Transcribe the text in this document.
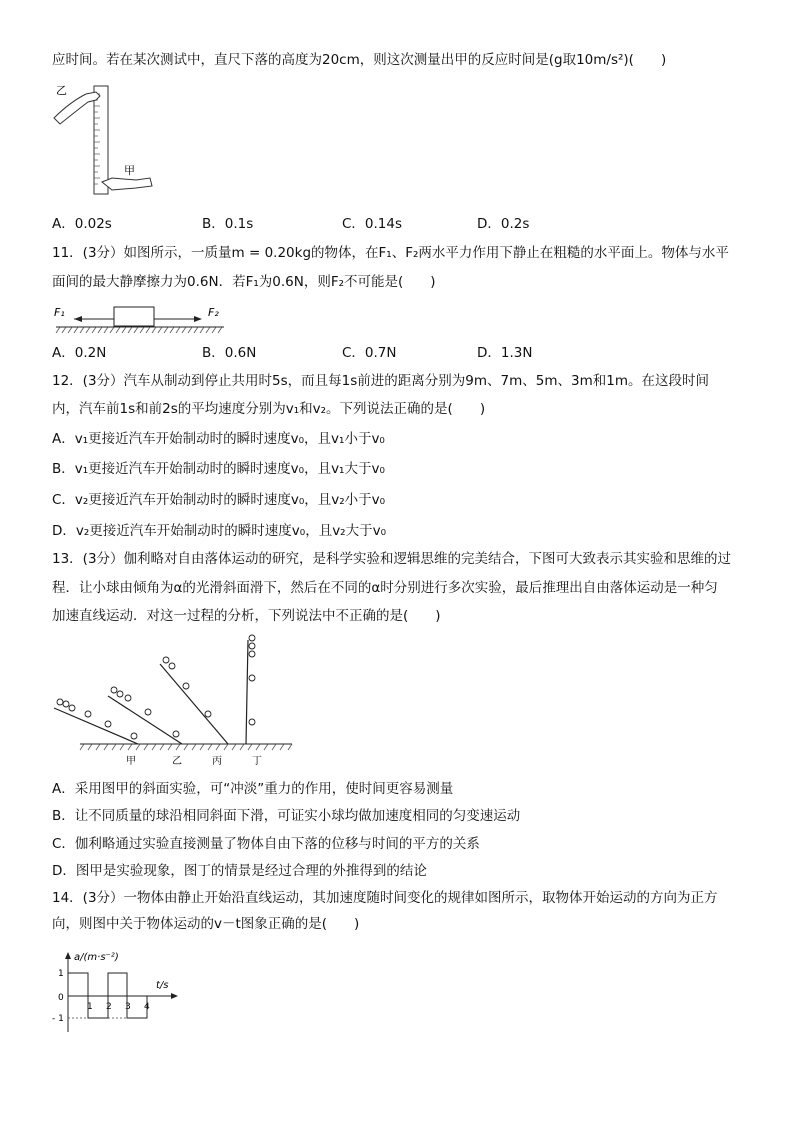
应时间。若在某次测试中，直尺下落的高度为20cm，则这次测量出甲的反应时间是(g取10m/s²)(　　)
乙
甲
A．0.02s	B．0.1s	C．0.14s	D．0.2s
11．(3分）如图所示，一质量m = 0.20kg的物体，在F₁、F₂两水平力作用下静止在粗糙的水平面上。物体与水平
面间的最大静摩擦力为0.6N．若F₁为0.6N，则F₂不可能是(　　)
F₁	F₂
A．0.2N	B．0.6N	C．0.7N	D．1.3N
12．(3分）汽车从制动到停止共用时5s，而且每1s前进的距离分别为9m、7m、5m、3m和1m。在这段时间
内，汽车前1s和前2s的平均速度分别为v₁和v₂。下列说法正确的是(　　)
A．v₁更接近汽车开始制动时的瞬时速度v₀，且v₁小于v₀
B．v₁更接近汽车开始制动时的瞬时速度v₀，且v₁大于v₀
C．v₂更接近汽车开始制动时的瞬时速度v₀，且v₂小于v₀
D．v₂更接近汽车开始制动时的瞬时速度v₀，且v₂大于v₀
13．(3分）伽利略对自由落体运动的研究，是科学实验和逻辑思维的完美结合，下图可大致表示其实验和思维的过
程．让小球由倾角为α的光滑斜面滑下，然后在不同的α时分别进行多次实验，最后推理出自由落体运动是一种匀
加速直线运动．对这一过程的分析，下列说法中不正确的是(　　)
甲	乙	丙	丁
A．采用图甲的斜面实验，可“冲淡”重力的作用，使时间更容易测量
B．让不同质量的球沿相同斜面下滑，可证实小球均做加速度相同的匀变速运动
C．伽利略通过实验直接测量了物体自由下落的位移与时间的平方的关系
D．图甲是实验现象，图丁的情景是经过合理的外推得到的结论
14．(3分）一物体由静止开始沿直线运动，其加速度随时间变化的规律如图所示，取物体开始运动的方向为正方
向，则图中关于物体运动的v－t图象正确的是(　　)
a/(m·s⁻²)
t/s
1
0
- 1
1 2 3 4
